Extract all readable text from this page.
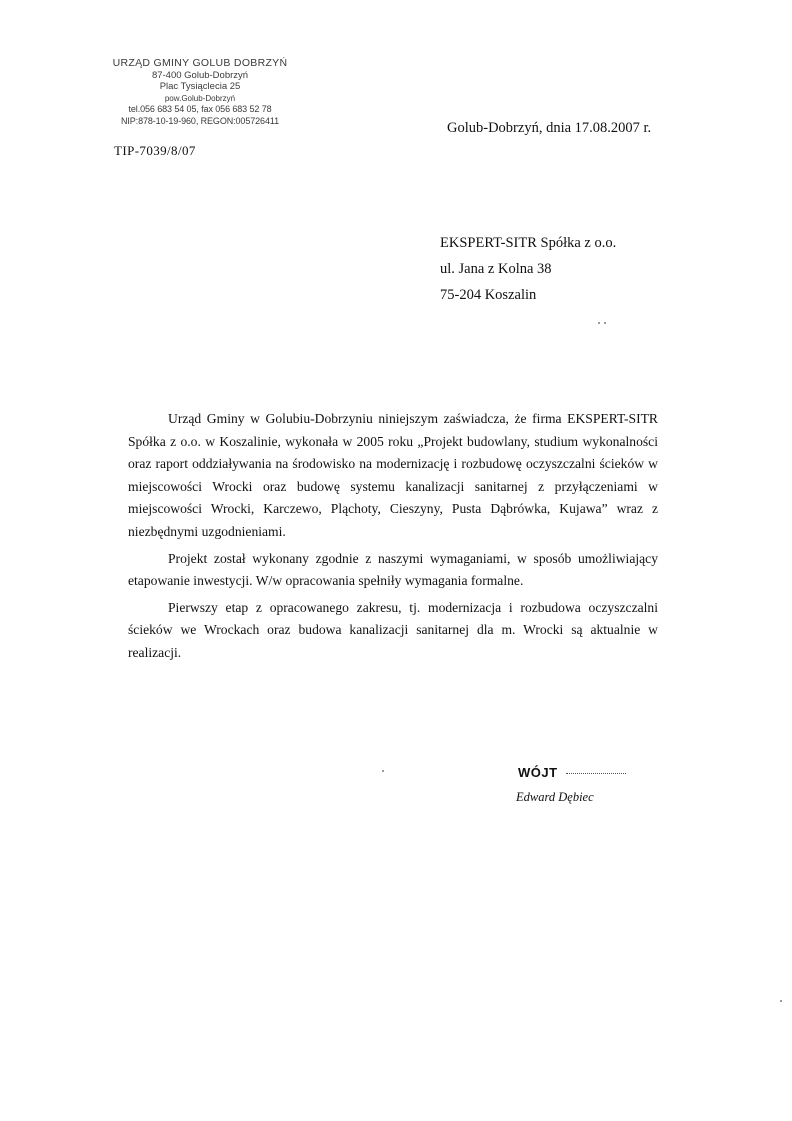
URZĄD GMINY GOLUB DOBRZYŃ
87-400 Golub-Dobrzyń
Plac Tysiąclecia 25
pow.Golub-Dobrzyń
tel.056 683 54 05, fax 056 683 52 78
NIP:878-10-19-960, REGON:005726411
TIP-7039/8/07
Golub-Dobrzyń, dnia 17.08.2007 r.
EKSPERT-SITR Spółka z o.o.
ul. Jana z Kolna 38
75-204 Koszalin

Urząd Gminy w Golubiu-Dobrzyniu niniejszym zaświadcza, że firma EKSPERT-SITR Spółka z o.o. w Koszalinie, wykonała w 2005 roku „Projekt budowlany, studium wykonalności oraz raport oddziaływania na środowisko na modernizację i rozbudowę oczyszczalni ścieków w miejscowości Wrocki oraz budowę systemu kanalizacji sanitarnej z przyłączeniami w miejscowości Wrocki, Karczewo, Pląchoty, Cieszyny, Pusta Dąbrówka, Kujawa” wraz z niezbędnymi uzgodnieniami.

Projekt został wykonany zgodnie z naszymi wymaganiami, w sposób umożliwiający etapowanie inwestycji. W/w opracowania spełniły wymagania formalne.

Pierwszy etap z opracowanego zakresu, tj. modernizacja i rozbudowa oczyszczalni ścieków we Wrockach oraz budowa kanalizacji sanitarnej dla m. Wrocki są aktualnie w realizacji.

WÓJT
Edward Dębiec
